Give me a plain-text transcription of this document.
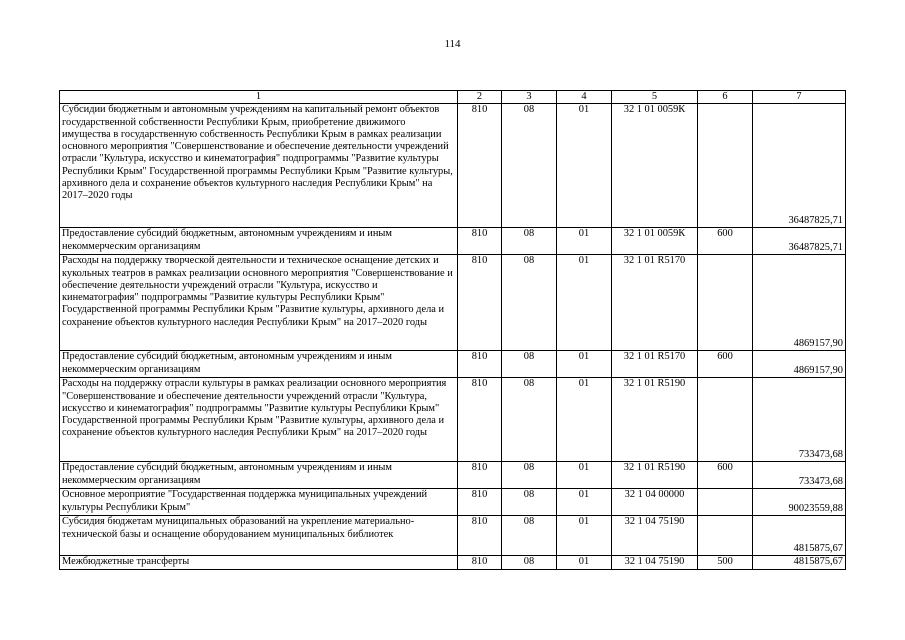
114
1	2	3	4	5	6	7
Субсидии бюджетным и автономным учреждениям на капитальный ремонт объектов государственной собственности Республики Крым, приобретение движимого имущества в государственную собственность Республики Крым в рамках реализации основного мероприятия "Совершенствование и обеспечение деятельности учреждений отрасли "Культура, искусство и кинематография" подпрограммы "Развитие культуры Республики Крым" Государственной программы Республики Крым "Развитие культуры, архивного дела и сохранение объектов культурного наследия Республики Крым" на 2017–2020 годы	810	08	01	32 1 01 0059К		36487825,71
Предоставление субсидий бюджетным, автономным учреждениям и иным некоммерческим организациям	810	08	01	32 1 01 0059К	600	36487825,71
Расходы на поддержку творческой деятельности и техническое оснащение детских и кукольных театров в рамках реализации основного мероприятия "Совершенствование и обеспечение деятельности учреждений отрасли "Культура, искусство и кинематография" подпрограммы "Развитие культуры Республики Крым" Государственной программы Республики Крым "Развитие культуры, архивного дела и сохранение объектов культурного наследия Республики Крым" на 2017–2020 годы	810	08	01	32 1 01 R5170		4869157,90
Предоставление субсидий бюджетным, автономным учреждениям и иным некоммерческим организациям	810	08	01	32 1 01 R5170	600	4869157,90
Расходы на поддержку отрасли культуры в рамках реализации основного мероприятия "Совершенствование и обеспечение деятельности учреждений отрасли "Культура, искусство и кинематография" подпрограммы "Развитие культуры Республики Крым" Государственной программы Республики Крым "Развитие культуры, архивного дела и сохранение объектов культурного наследия Республики Крым" на 2017–2020 годы	810	08	01	32 1 01 R5190		733473,68
Предоставление субсидий бюджетным, автономным учреждениям и иным некоммерческим организациям	810	08	01	32 1 01 R5190	600	733473,68
Основное мероприятие "Государственная поддержка муниципальных учреждений культуры Республики Крым"	810	08	01	32 1 04 00000		90023559,88
Субсидия бюджетам муниципальных образований на укрепление материально-технической базы и оснащение оборудованием муниципальных библиотек	810	08	01	32 1 04 75190		4815875,67
Межбюджетные трансферты	810	08	01	32 1 04 75190	500	4815875,67
